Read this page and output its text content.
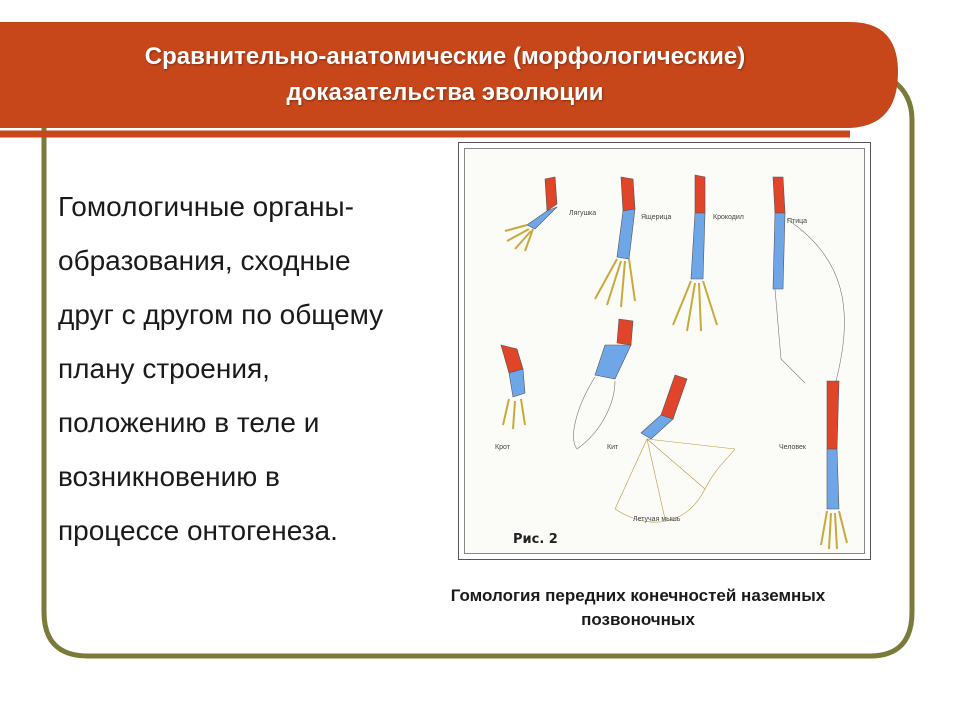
Сравнительно-анатомические (морфологические)
доказательства эволюции
Гомологичные органы-
образования, сходные
друг с другом по общему
плану строения,
положению в теле и
возникновению в
процессе онтогенеза.
Лягушка
Ящерица	Крокодил
Птица
Крот	Кит
Летучая мышь
Человек
Рис. 2
Гомология передних конечностей наземных
позвоночных
